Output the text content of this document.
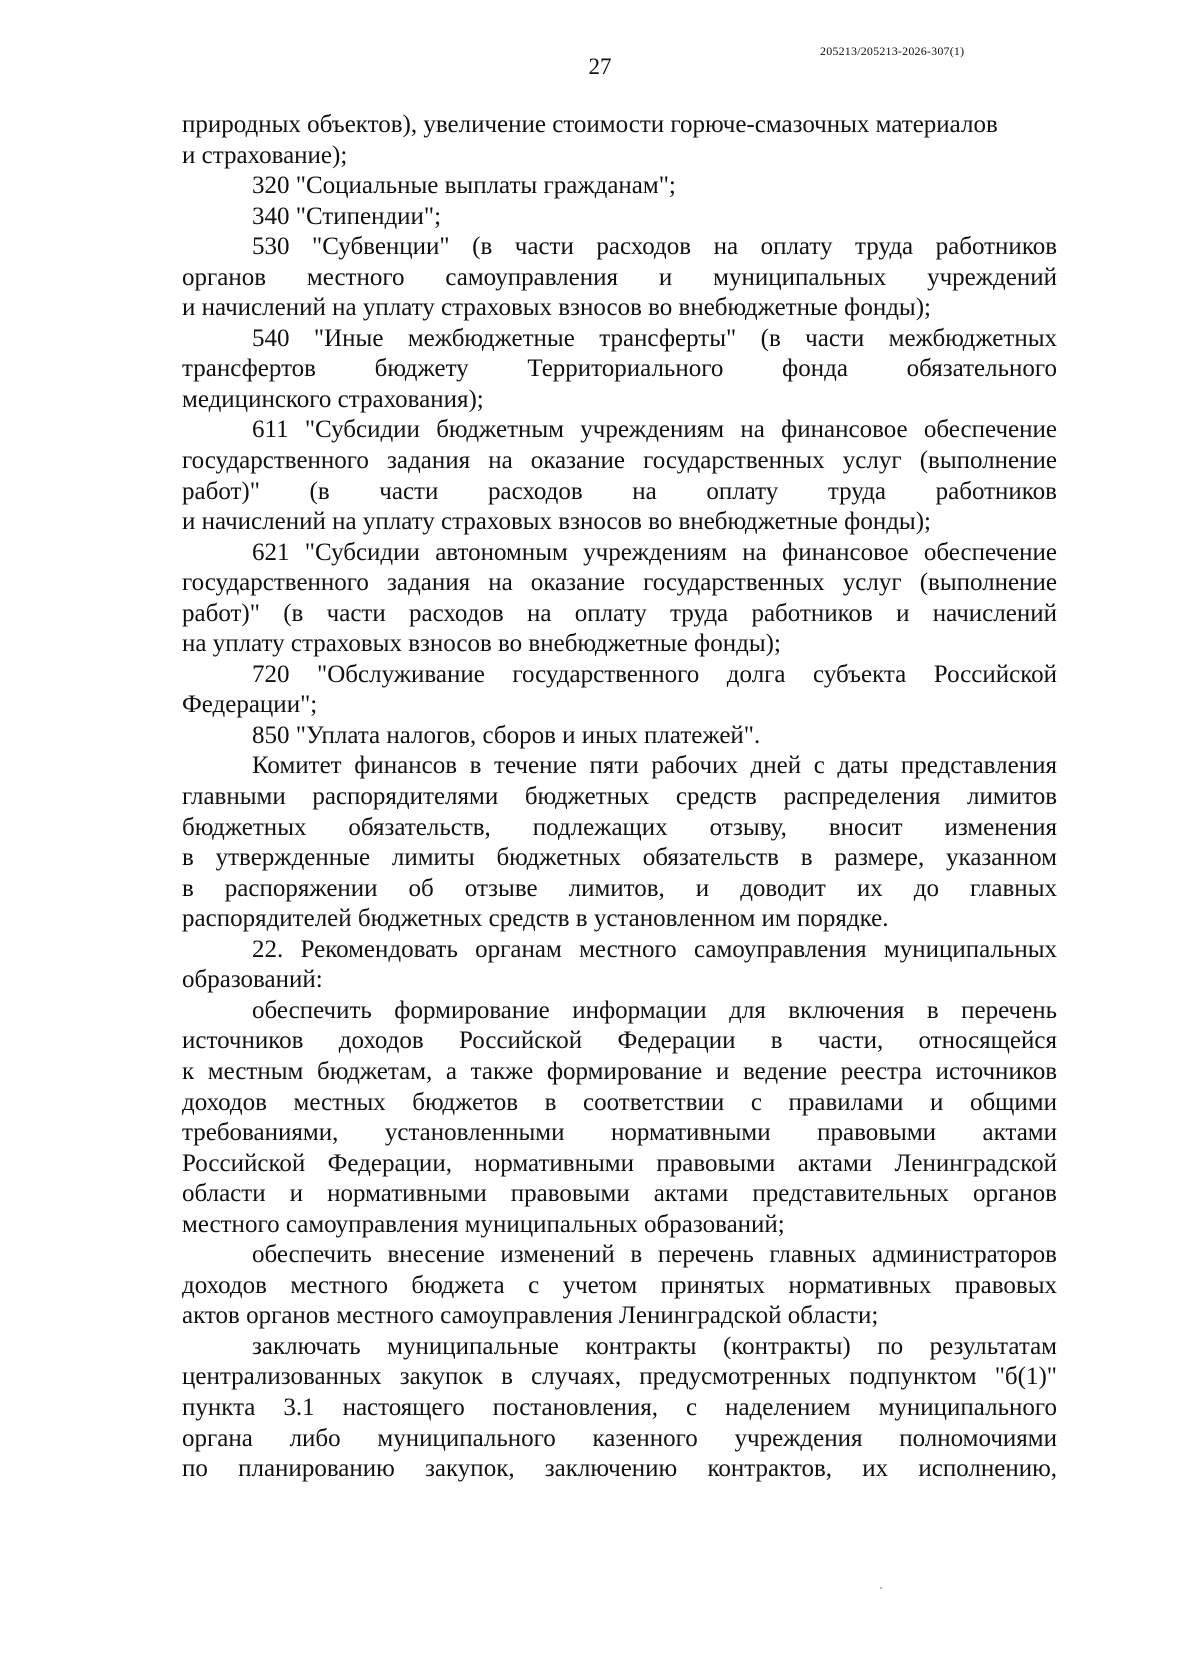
27
205213/205213-2026-307(1)
природных объектов), увеличение стоимости горюче-смазочных материалов
и страхование);
320 "Социальные выплаты гражданам";
340 "Стипендии";
530 "Субвенции" (в части расходов на оплату труда работников
органов местного самоуправления и муниципальных учреждений
и начислений на уплату страховых взносов во внебюджетные фонды);
540 "Иные межбюджетные трансферты" (в части межбюджетных
трансфертов бюджету Территориального фонда обязательного
медицинского страхования);
611 "Субсидии бюджетным учреждениям на финансовое обеспечение
государственного задания на оказание государственных услуг (выполнение
работ)" (в части расходов на оплату труда работников
и начислений на уплату страховых взносов во внебюджетные фонды);
621 "Субсидии автономным учреждениям на финансовое обеспечение
государственного задания на оказание государственных услуг (выполнение
работ)" (в части расходов на оплату труда работников и начислений
на уплату страховых взносов во внебюджетные фонды);
720 "Обслуживание государственного долга субъекта Российской
Федерации";
850 "Уплата налогов, сборов и иных платежей".
Комитет финансов в течение пяти рабочих дней с даты представления
главными распорядителями бюджетных средств распределения лимитов
бюджетных обязательств, подлежащих отзыву, вносит изменения
в утвержденные лимиты бюджетных обязательств в размере, указанном
в распоряжении об отзыве лимитов, и доводит их до главных
распорядителей бюджетных средств в установленном им порядке.
22. Рекомендовать органам местного самоуправления муниципальных
образований:
обеспечить формирование информации для включения в перечень
источников доходов Российской Федерации в части, относящейся
к местным бюджетам, а также формирование и ведение реестра источников
доходов местных бюджетов в соответствии с правилами и общими
требованиями, установленными нормативными правовыми актами
Российской Федерации, нормативными правовыми актами Ленинградской
области и нормативными правовыми актами представительных органов
местного самоуправления муниципальных образований;
обеспечить внесение изменений в перечень главных администраторов
доходов местного бюджета с учетом принятых нормативных правовых
актов органов местного самоуправления Ленинградской области;
заключать муниципальные контракты (контракты) по результатам
централизованных закупок в случаях, предусмотренных подпунктом "б(1)"
пункта 3.1 настоящего постановления, с наделением муниципального
органа либо муниципального казенного учреждения полномочиями
по планированию закупок, заключению контрактов, их исполнению,
